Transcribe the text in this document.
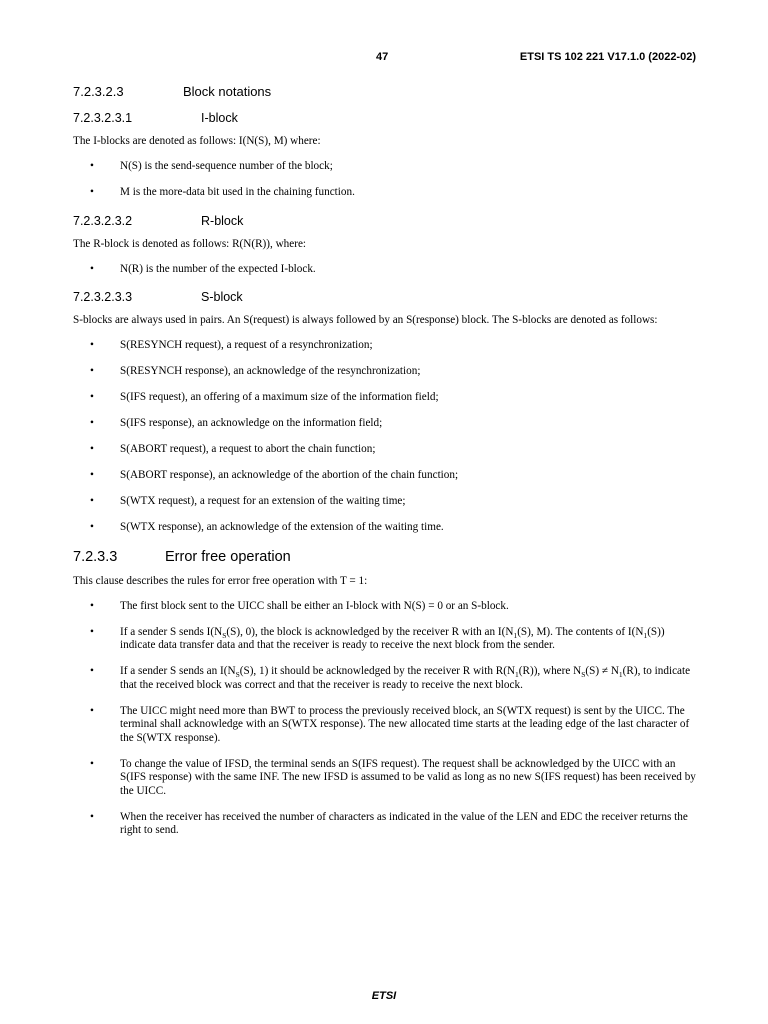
47	ETSI TS 102 221 V17.1.0 (2022-02)
7.2.3.2.3	Block notations
7.2.3.2.3.1	I-block

The I-blocks are denoted as follows: I(N(S), M) where:

• N(S) is the send-sequence number of the block;
• M is the more-data bit used in the chaining function.
7.2.3.2.3.2	R-block

The R-block is denoted as follows: R(N(R)), where:

• N(R) is the number of the expected I-block.
7.2.3.2.3.3	S-block

S-blocks are always used in pairs. An S(request) is always followed by an S(response) block. The S-blocks are denoted as follows:

• S(RESYNCH request), a request of a resynchronization;
• S(RESYNCH response), an acknowledge of the resynchronization;
• S(IFS request), an offering of a maximum size of the information field;
• S(IFS response), an acknowledge on the information field;
• S(ABORT request), a request to abort the chain function;
• S(ABORT response), an acknowledge of the abortion of the chain function;
• S(WTX request), a request for an extension of the waiting time;
• S(WTX response), an acknowledge of the extension of the waiting time.
7.2.3.3	Error free operation

This clause describes the rules for error free operation with T = 1:

• The first block sent to the UICC shall be either an I-block with N(S) = 0 or an S-block.
• If a sender S sends $I(N_S(S)$, 0), the block is acknowledged by the receiver R with an $I(N_1(S)$, M). The contents of $I(N_1(S))$ indicate data transfer data and that the receiver is ready to receive the next block from the sender.
• If a sender S sends an $I(N_S(S)$, 1) it should be acknowledged by the receiver R with $R(N_1(R))$, where $N_S(S) \ne N_1(R)$, to indicate that the received block was correct and that the receiver is ready to receive the next block.
• The UICC might need more than BWT to process the previously received block, an S(WTX request) is sent by the UICC. The terminal shall acknowledge with an S(WTX response). The new allocated time starts at the leading edge of the last character of the S(WTX response).
• To change the value of IFSD, the terminal sends an S(IFS request). The request shall be acknowledged by the UICC with an S(IFS response) with the same INF. The new IFSD is assumed to be valid as long as no new S(IFS request) has been received by the UICC.
• When the receiver has received the number of characters as indicated in the value of the LEN and EDC the receiver returns the right to send.
ETSI
